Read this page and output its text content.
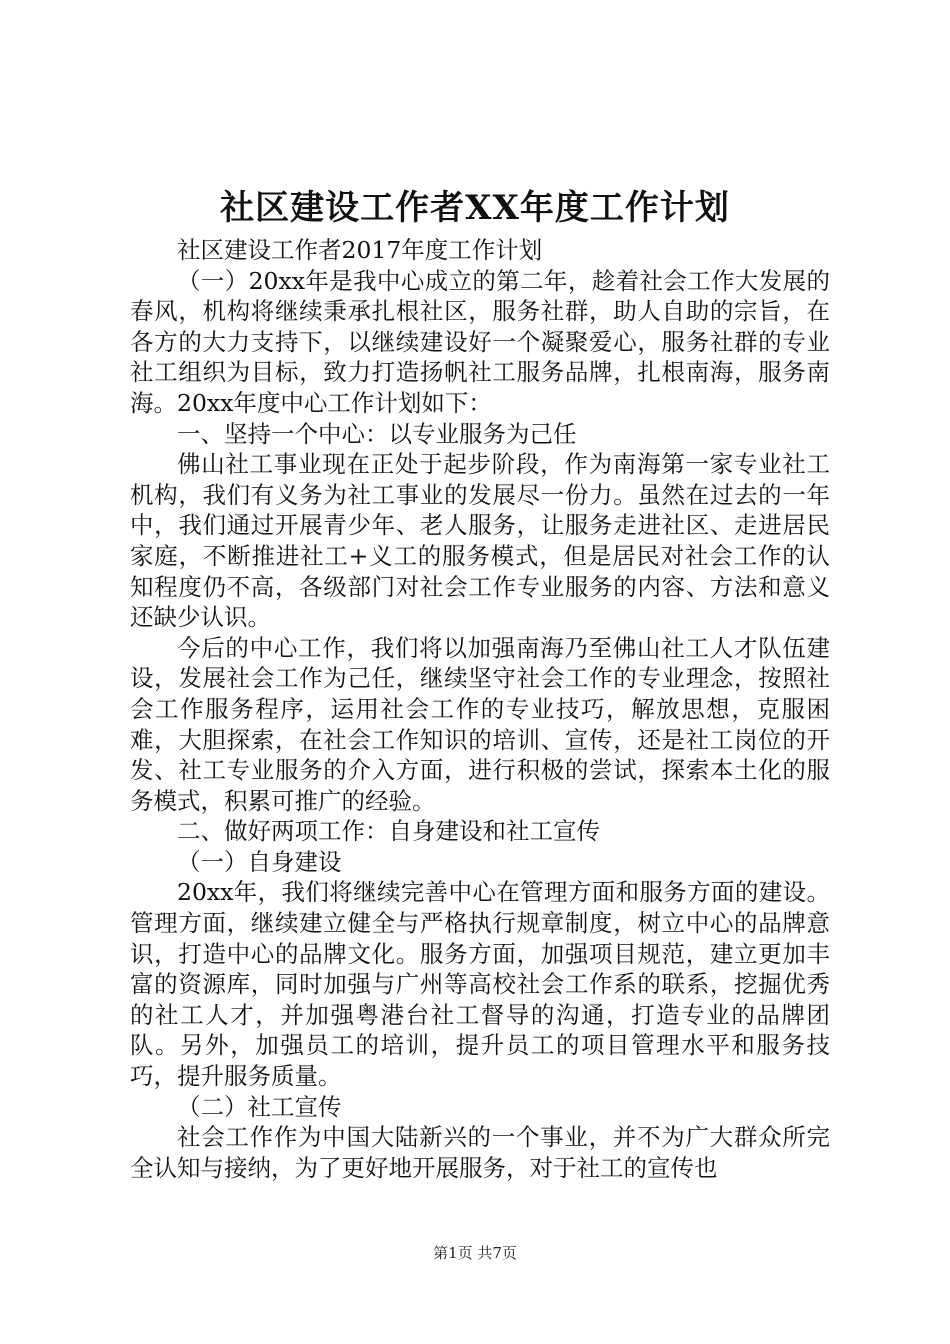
社区建设工作者XX年度工作计划

社区建设工作者2017年度工作计划

（一）20xx年是我中心成立的第二年，趁着社会工作大发展的春风，机构将继续秉承扎根社区，服务社群，助人自助的宗旨，在各方的大力支持下，以继续建设好一个凝聚爱心，服务社群的专业社工组织为目标，致力打造扬帆社工服务品牌，扎根南海，服务南海。20xx年度中心工作计划如下：

一、坚持一个中心：以专业服务为己任

佛山社工事业现在正处于起步阶段，作为南海第一家专业社工机构，我们有义务为社工事业的发展尽一份力。虽然在过去的一年中，我们通过开展青少年、老人服务，让服务走进社区、走进居民家庭，不断推进社工+义工的服务模式，但是居民对社会工作的认知程度仍不高，各级部门对社会工作专业服务的内容、方法和意义还缺少认识。

今后的中心工作，我们将以加强南海乃至佛山社工人才队伍建设，发展社会工作为己任，继续坚守社会工作的专业理念，按照社会工作服务程序，运用社会工作的专业技巧，解放思想，克服困难，大胆探索，在社会工作知识的培训、宣传，还是社工岗位的开发、社工专业服务的介入方面，进行积极的尝试，探索本土化的服务模式，积累可推广的经验。

二、做好两项工作：自身建设和社工宣传

（一）自身建设

20xx年，我们将继续完善中心在管理方面和服务方面的建设。管理方面，继续建立健全与严格执行规章制度，树立中心的品牌意识，打造中心的品牌文化。服务方面，加强项目规范，建立更加丰富的资源库，同时加强与广州等高校社会工作系的联系，挖掘优秀的社工人才，并加强粤港台社工督导的沟通，打造专业的品牌团队。另外，加强员工的培训，提升员工的项目管理水平和服务技巧，提升服务质量。

（二）社工宣传

社会工作作为中国大陆新兴的一个事业，并不为广大群众所完全认知与接纳，为了更好地开展服务，对于社工的宣传也

第1页 共7页
